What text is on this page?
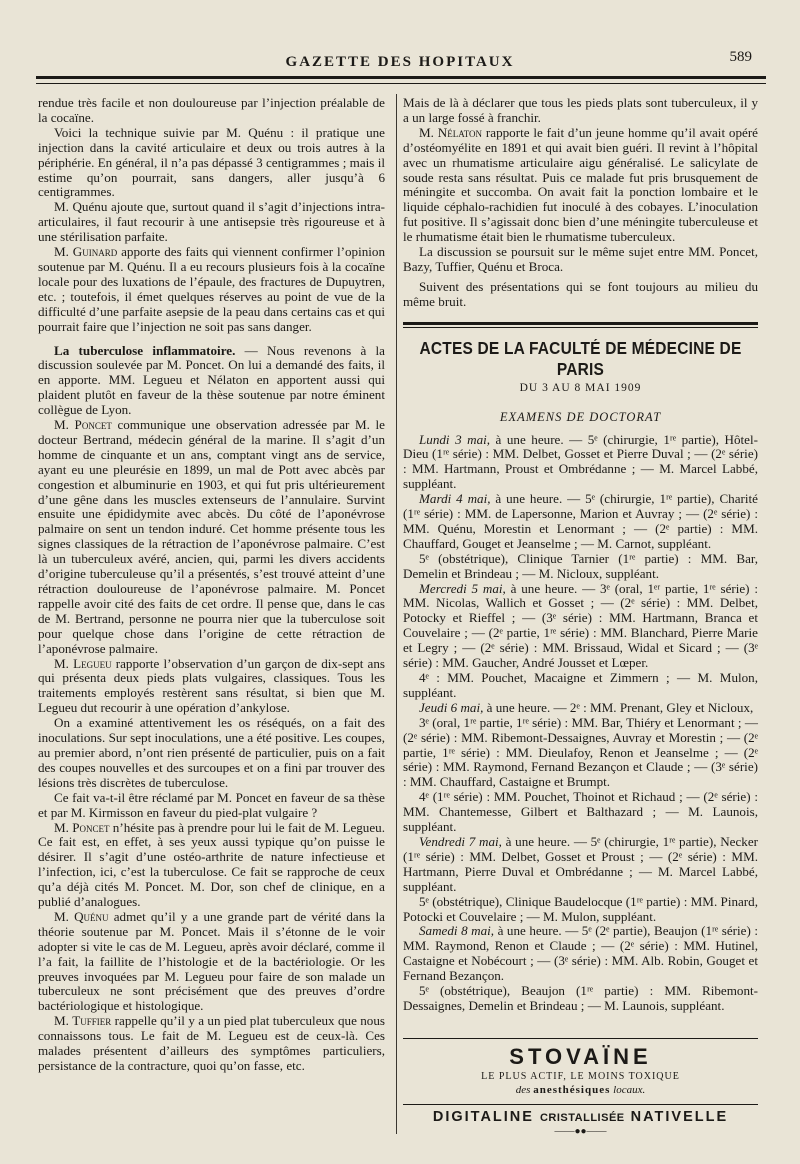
GAZETTE DES HOPITAUX	589

rendue très facile et non douloureuse par l’injection préalable de la cocaïne.

Voici la technique suivie par M. Quénu : il pratique une injection dans la cavité articulaire et deux ou trois autres à la périphérie. En général, il n’a pas dépassé 3 centigrammes ; mais il estime qu’on pourrait, sans dangers, aller jusqu’à 6 centigrammes.

M. Quénu ajoute que, surtout quand il s’agit d’injections intra-articulaires, il faut recourir à une antisepsie très rigoureuse et à une stérilisation parfaite.

M. Guinard apporte des faits qui viennent confirmer l’opinion soutenue par M. Quénu. Il a eu recours plusieurs fois à la cocaïne locale pour des luxations de l’épaule, des fractures de Dupuytren, etc. ; toutefois, il émet quelques réserves au point de vue de la difficulté d’une parfaite asepsie de la peau dans certains cas et qui pourrait faire que l’injection ne soit pas sans danger.

La tuberculose inflammatoire. — Nous revenons à la discussion soulevée par M. Poncet. On lui a demandé des faits, il en apporte. MM. Legueu et Nélaton en apportent aussi qui plaident plutôt en faveur de la thèse soutenue par notre éminent collègue de Lyon.

M. Poncet communique une observation adressée par M. le docteur Bertrand, médecin général de la marine. Il s’agit d’un homme de cinquante et un ans, comptant vingt ans de service, ayant eu une pleurésie en 1899, un mal de Pott avec abcès par congestion et albuminurie en 1903, et qui fut pris ultérieurement d’une gêne dans les muscles extenseurs de l’annulaire. Survint ensuite une épididymite avec abcès. Du côté de l’aponévrose palmaire on sent un tendon induré. Cet homme présente tous les signes classiques de la rétraction de l’aponévrose palmaire. C’est là un tuberculeux avéré, ancien, qui, parmi les divers accidents d’origine tuberculeuse qu’il a présentés, s’est trouvé atteint d’une rétraction douloureuse de l’aponévrose palmaire. M. Poncet rappelle avoir cité des faits de cet ordre. Il pense que, dans le cas de M. Bertrand, personne ne pourra nier que la tuberculose soit pour quelque chose dans l’origine de cette rétraction de l’aponévrose palmaire.

M. Legueu rapporte l’observation d’un garçon de dix-sept ans qui présenta deux pieds plats vulgaires, classiques. Tous les traitements employés restèrent sans résultat, si bien que M. Legueu dut recourir à une opération d’ankylose.

On a examiné attentivement les os réséqués, on a fait des inoculations. Sur sept inoculations, une a été positive. Les coupes, au premier abord, n’ont rien présenté de particulier, puis on a fait des coupes nouvelles et des surcoupes et on a fini par trouver des lésions très discrètes de tuberculose.

Ce fait va-t-il être réclamé par M. Poncet en faveur de sa thèse et par M. Kirmisson en faveur du pied-plat vulgaire ?

M. Poncet n’hésite pas à prendre pour lui le fait de M. Legueu. Ce fait est, en effet, à ses yeux aussi typique qu’on puisse le désirer. Il s’agit d’une ostéo-arthrite de nature infectieuse et l’infection, ici, c’est la tuberculose. Ce fait se rapproche de ceux qu’a déjà cités M. Poncet. M. Dor, son chef de clinique, en a publié d’analogues.

M. Quénu admet qu’il y a une grande part de vérité dans la théorie soutenue par M. Poncet. Mais il s’étonne de le voir adopter si vite le cas de M. Legueu, après avoir déclaré, comme il l’a fait, la faillite de l’histologie et de la bactériologie. Or les preuves invoquées par M. Legueu pour faire de son malade un tuberculeux ne sont précisément que des preuves d’ordre bactériologique et histologique.

M. Tuffier rappelle qu’il y a un pied plat tuberculeux que nous connaissons tous. Le fait de M. Legueu est de ceux-là. Ces malades présentent d’ailleurs des symptômes particuliers, persistance de la contracture, quoi qu’on fasse, etc.

Mais de là à déclarer que tous les pieds plats sont tuberculeux, il y a un large fossé à franchir.

M. Nélaton rapporte le fait d’un jeune homme qu’il avait opéré d’ostéomyélite en 1891 et qui avait bien guéri. Il revint à l’hôpital avec un rhumatisme articulaire aigu généralisé. Le salicylate de soude resta sans résultat. Puis ce malade fut pris brusquement de méningite et succomba. On avait fait la ponction lombaire et le liquide céphalo-rachidien fut inoculé à des cobayes. L’inoculation fut positive. Il s’agissait donc bien d’une méningite tuberculeuse et le rhumatisme était bien le rhumatisme tuberculeux.

La discussion se poursuit sur le même sujet entre MM. Poncet, Bazy, Tuffier, Quénu et Broca.

Suivent des présentations qui se font toujours au milieu du même bruit.

ACTES DE LA FACULTÉ DE MÉDECINE DE PARIS
DU 3 AU 8 MAI 1909
EXAMENS DE DOCTORAT

Lundi 3 mai, à une heure. — 5ᵉ (chirurgie, 1ʳᵉ partie), Hôtel-Dieu (1ʳᵉ série) : MM. Delbet, Gosset et Pierre Duval ; — (2ᵉ série) : MM. Hartmann, Proust et Ombrédanne ; — M. Marcel Labbé, suppléant.

Mardi 4 mai, à une heure. — 5ᵉ (chirurgie, 1ʳᵉ partie), Charité (1ʳᵉ série) : MM. de Lapersonne, Marion et Auvray ; — (2ᵉ série) : MM. Quénu, Morestin et Lenormant ; — (2ᵉ partie) : MM. Chauffard, Gouget et Jeanselme ; — M. Carnot, suppléant.

5ᵉ (obstétrique), Clinique Tarnier (1ʳᵉ partie) : MM. Bar, Demelin et Brindeau ; — M. Nicloux, suppléant.

Mercredi 5 mai, à une heure. — 3ᵉ (oral, 1ᵉʳ partie, 1ʳᵉ série) : MM. Nicolas, Wallich et Gosset ; — (2ᵉ série) : MM. Delbet, Potocky et Rieffel ; — (3ᵉ série) : MM. Hartmann, Branca et Couvelaire ; — (2ᵉ partie, 1ʳᵉ série) : MM. Blanchard, Pierre Marie et Legry ; — (2ᵉ série) : MM. Brissaud, Widal et Sicard ; — (3ᵉ série) : MM. Gaucher, André Jousset et Lœper.

4ᵉ : MM. Pouchet, Macaigne et Zimmern ; — M. Mulon, suppléant.

Jeudi 6 mai, à une heure. — 2ᵉ : MM. Prenant, Gley et Nicloux,

3ᵉ (oral, 1ʳᵉ partie, 1ʳᵉ série) : MM. Bar, Thiéry et Lenormant ; — (2ᵉ série) : MM. Ribemont-Dessaignes, Auvray et Morestin ; — (2ᵉ partie, 1ʳᵉ série) : MM. Dieulafoy, Renon et Jeanselme ; — (2ᵉ série) : MM. Raymond, Fernand Bezançon et Claude ; — (3ᵉ série) : MM. Chauffard, Castaigne et Brumpt.

4ᵉ (1ʳᵉ série) : MM. Pouchet, Thoinot et Richaud ; — (2ᵉ série) : MM. Chantemesse, Gilbert et Balthazard ; — M. Launois, suppléant.

Vendredi 7 mai, à une heure. — 5ᵉ (chirurgie, 1ʳᵉ partie), Necker (1ʳᵉ série) : MM. Delbet, Gosset et Proust ; — (2ᵉ série) : MM. Hartmann, Pierre Duval et Ombrédanne ; — M. Marcel Labbé, suppléant.

5ᵉ (obstétrique), Clinique Baudelocque (1ʳᵉ partie) : MM. Pinard, Potocki et Couvelaire ; — M. Mulon, suppléant.

Samedi 8 mai, à une heure. — 5ᵉ (2ᵉ partie), Beaujon (1ʳᵉ série) : MM. Raymond, Renon et Claude ; — (2ᵉ série) : MM. Hutinel, Castaigne et Nobécourt ; — (3ᵉ série) : MM. Alb. Robin, Gouget et Fernand Bezançon.

5ᵉ (obstétrique), Beaujon (1ʳᵉ partie) : MM. Ribemont-Dessaignes, Demelin et Brindeau ; — M. Launois, suppléant.

STOVAÏNE
LE PLUS ACTIF, LE MOINS TOXIQUE
des anesthésiques locaux.
DIGITALINE CRISTALLISÉE NATIVELLE
——●●——
